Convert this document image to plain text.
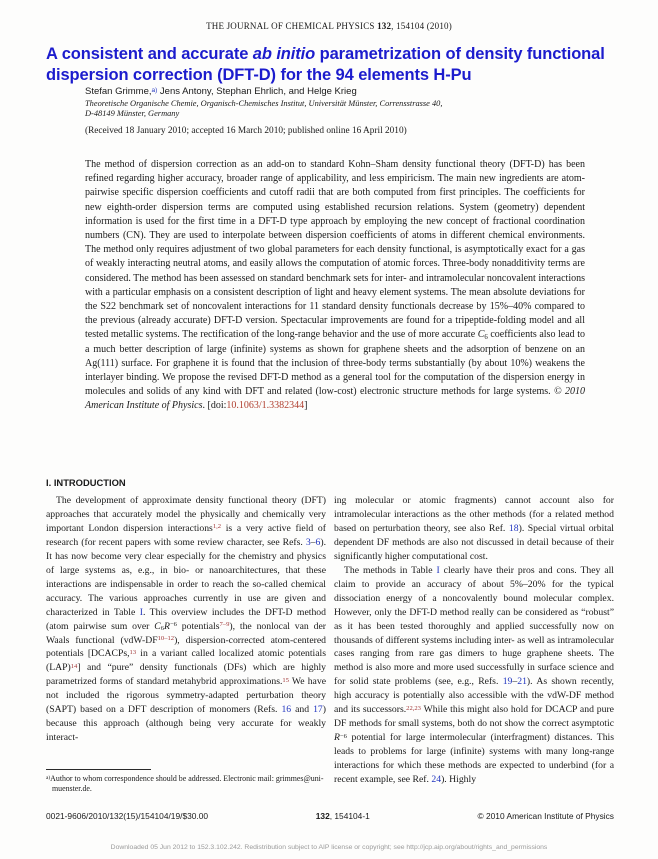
THE JOURNAL OF CHEMICAL PHYSICS 132, 154104 (2010)
A consistent and accurate ab initio parametrization of density functional dispersion correction (DFT-D) for the 94 elements H-Pu
Stefan Grimme,$^{a)}$ Jens Antony, Stephan Ehrlich, and Helge Krieg
Theoretische Organische Chemie, Organisch-Chemisches Institut, Universität Münster, Corrensstrasse 40,
D-48149 Münster, Germany
(Received 18 January 2010; accepted 16 March 2010; published online 16 April 2010)
The method of dispersion correction as an add-on to standard Kohn–Sham density functional theory (DFT-D) has been refined regarding higher accuracy, broader range of applicability, and less empiricism. The main new ingredients are atom-pairwise specific dispersion coefficients and cutoff radii that are both computed from first principles. The coefficients for new eighth-order dispersion terms are computed using established recursion relations. System (geometry) dependent information is used for the first time in a DFT-D type approach by employing the new concept of fractional coordination numbers (CN). They are used to interpolate between dispersion coefficients of atoms in different chemical environments. The method only requires adjustment of two global parameters for each density functional, is asymptotically exact for a gas of weakly interacting neutral atoms, and easily allows the computation of atomic forces. Three-body nonadditivity terms are considered. The method has been assessed on standard benchmark sets for inter- and intramolecular noncovalent interactions with a particular emphasis on a consistent description of light and heavy element systems. The mean absolute deviations for the S22 benchmark set of noncovalent interactions for 11 standard density functionals decrease by 15%–40% compared to the previous (already accurate) DFT-D version. Spectacular improvements are found for a tripeptide-folding model and all tested metallic systems. The rectification of the long-range behavior and the use of more accurate C6 coefficients also lead to a much better description of large (infinite) systems as shown for graphene sheets and the adsorption of benzene on an Ag(111) surface. For graphene it is found that the inclusion of three-body terms substantially (by about 10%) weakens the interlayer binding. We propose the revised DFT-D method as a general tool for the computation of the dispersion energy in molecules and solids of any kind with DFT and related (low-cost) electronic structure methods for large systems. © 2010 American Institute of Physics. [doi:10.1063/1.3382344]
I. INTRODUCTION

The development of approximate density functional theory (DFT) approaches that accurately model the physically and chemically very important London dispersion interactions$^{1,2}$ is a very active field of research (for recent papers with some review character, see Refs. 3–6). It has now become very clear especially for the chemistry and physics of large systems as, e.g., in bio- or nanoarchitectures, that these interactions are indispensable in order to reach the so-called chemical accuracy. The various approaches currently in use are given and characterized in Table I. This overview includes the DFT-D method (atom pairwise sum over $C6R^{-6}$ potentials$^{7-9}$), the nonlocal van der Waals functional (vdW-DF$^{10-12}$), dispersion-corrected atom-centered potentials [DCACPs,$^{13}$ in a variant called localized atomic potentials (LAP)$^{14}$] and “pure” density functionals (DFs) which are highly parametrized forms of standard metahybrid approximations.$^{15}$ We have not included the rigorous symmetry-adapted perturbation theory (SAPT) based on a DFT description of monomers (Refs. 16 and 17) because this approach (although being very accurate for weakly interact-

ing molecular or atomic fragments) cannot account also for intramolecular interactions as the other methods (for a related method based on perturbation theory, see also Ref. 18). Special virtual orbital dependent DF methods are also not discussed in detail because of their significantly higher computational cost.

The methods in Table I clearly have their pros and cons. They all claim to provide an accuracy of about 5%–20% for the typical dissociation energy of a noncovalently bound molecular complex. However, only the DFT-D method really can be considered as “robust” as it has been tested thoroughly and applied successfully now on thousands of different systems including inter- as well as intramolecular cases ranging from rare gas dimers to huge graphene sheets. The method is also more and more used successfully in surface science and for solid state problems (see, e.g., Refs. 19–21). As shown recently, high accuracy is potentially also accessible with the vdW-DF method and its successors.$^{22,23}$ While this might also hold for DCACP and pure DF methods for small systems, both do not show the correct asymptotic $R^{-6}$ potential for large intermolecular (interfragment) distances. This leads to problems for large (infinite) systems with many long-range interactions for which these methods are expected to underbind (for a recent example, see Ref. 24). Highly

$^{a)}$Author to whom correspondence should be addressed. Electronic mail: grimmes@uni-muenster.de.
0021-9606/2010/132(15)/154104/19/$30.00	132, 154104-1	© 2010 American Institute of Physics
Downloaded 05 Jun 2012 to 152.3.102.242. Redistribution subject to AIP license or copyright; see http://jcp.aip.org/about/rights_and_permissions
